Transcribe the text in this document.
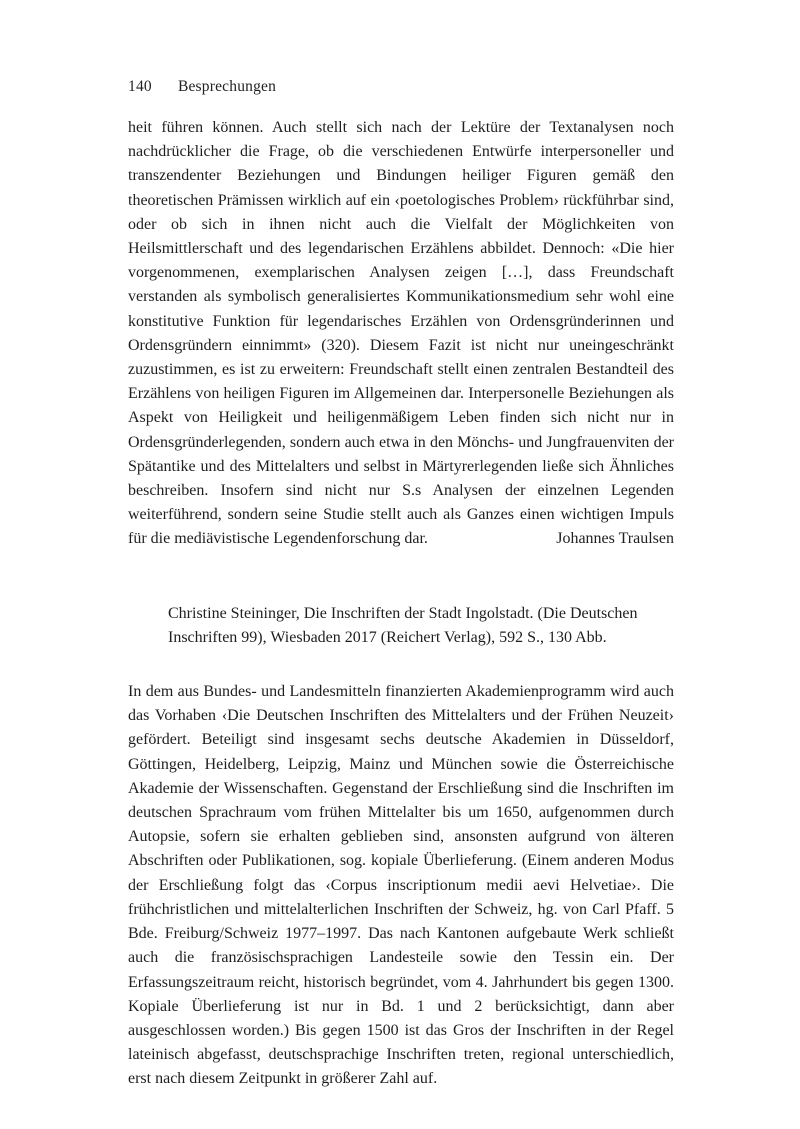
140 Besprechungen

heit führen können. Auch stellt sich nach der Lektüre der Textanalysen noch nachdrücklicher die Frage, ob die verschiedenen Entwürfe interpersoneller und transzendenter Beziehungen und Bindungen heiliger Figuren gemäß den theoretischen Prämissen wirklich auf ein ‹poetologisches Problem› rückführbar sind, oder ob sich in ihnen nicht auch die Vielfalt der Möglichkeiten von Heilsmittlerschaft und des legendarischen Erzählens abbildet. Dennoch: «Die hier vorgenommenen, exemplarischen Analysen zeigen […], dass Freundschaft verstanden als symbolisch generalisiertes Kommunikationsmedium sehr wohl eine konstitutive Funktion für legendarisches Erzählen von Ordensgründerinnen und Ordensgründern einnimmt» (320). Diesem Fazit ist nicht nur uneingeschränkt zuzustimmen, es ist zu erweitern: Freundschaft stellt einen zentralen Bestandteil des Erzählens von heiligen Figuren im Allgemeinen dar. Interpersonelle Beziehungen als Aspekt von Heiligkeit und heiligenmäßigem Leben finden sich nicht nur in Ordensgründerlegenden, sondern auch etwa in den Mönchs- und Jungfrauenviten der Spätantike und des Mittelalters und selbst in Märtyrerlegenden ließe sich Ähnliches beschreiben. Insofern sind nicht nur S.s Analysen der einzelnen Legenden weiterführend, sondern seine Studie stellt auch als Ganzes einen wichtigen Impuls für die mediävistische Legendenforschung dar.	Johannes Traulsen

Christine Steininger, Die Inschriften der Stadt Ingolstadt. (Die Deutschen Inschriften 99), Wiesbaden 2017 (Reichert Verlag), 592 S., 130 Abb.

In dem aus Bundes- und Landesmitteln finanzierten Akademienprogramm wird auch das Vorhaben ‹Die Deutschen Inschriften des Mittelalters und der Frühen Neuzeit› gefördert. Beteiligt sind insgesamt sechs deutsche Akademien in Düsseldorf, Göttingen, Heidelberg, Leipzig, Mainz und München sowie die Österreichische Akademie der Wissenschaften. Gegenstand der Erschließung sind die Inschriften im deutschen Sprachraum vom frühen Mittelalter bis um 1650, aufgenommen durch Autopsie, sofern sie erhalten geblieben sind, ansonsten aufgrund von älteren Abschriften oder Publikationen, sog. kopiale Überlieferung. (Einem anderen Modus der Erschließung folgt das ‹Corpus inscriptionum medii aevi Helvetiae›. Die frühchristlichen und mittelalterlichen Inschriften der Schweiz, hg. von Carl Pfaff. 5 Bde. Freiburg/Schweiz 1977–1997. Das nach Kantonen aufgebaute Werk schließt auch die französischsprachigen Landesteile sowie den Tessin ein. Der Erfassungszeitraum reicht, historisch begründet, vom 4. Jahrhundert bis gegen 1300. Kopiale Überlieferung ist nur in Bd. 1 und 2 berücksichtigt, dann aber ausgeschlossen worden.) Bis gegen 1500 ist das Gros der Inschriften in der Regel lateinisch abgefasst, deutschsprachige Inschriften treten, regional unterschiedlich, erst nach diesem Zeitpunkt in größerer Zahl auf.
